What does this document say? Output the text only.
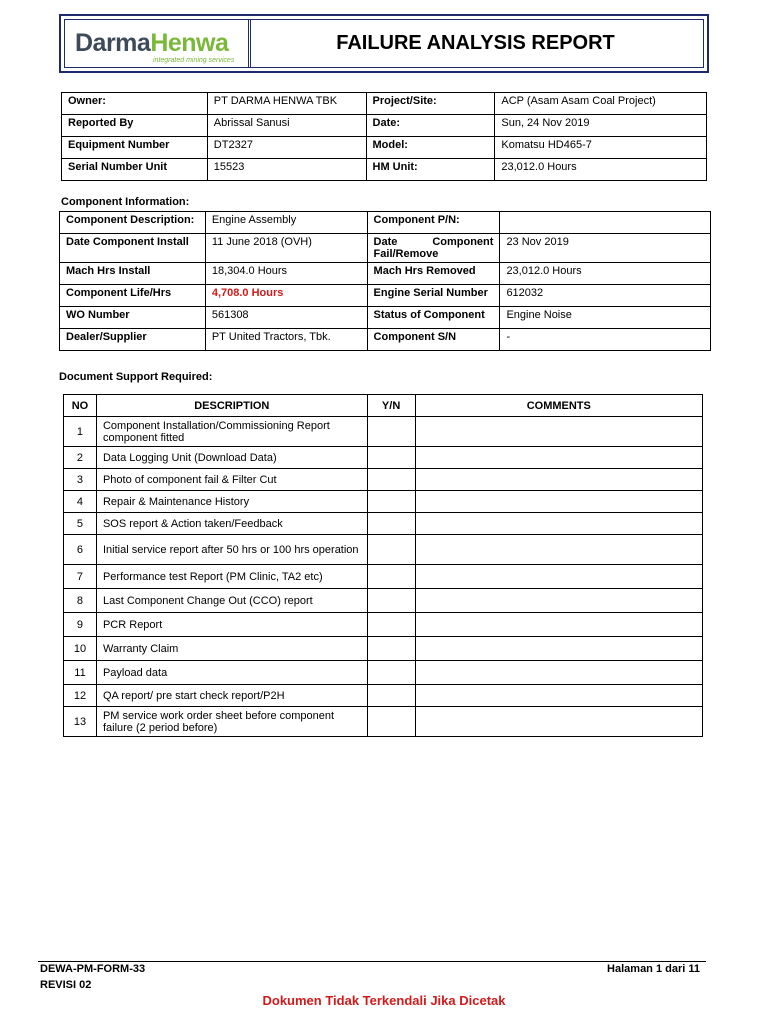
DarmaHenwa
integrated mining services
FAILURE ANALYSIS REPORT
Owner:	PT DARMA HENWA TBK	Project/Site:	ACP (Asam Asam Coal Project)
Reported By	Abrissal Sanusi	Date:	Sun, 24 Nov 2019
Equipment Number	DT2327	Model:	Komatsu HD465-7
Serial Number Unit	15523	HM Unit:	23,012.0 Hours
Component Information:
Component Description:	Engine Assembly	Component P/N:	
Date Component Install	11 June 2018 (OVH)	Date Component
Fail/Remove	23 Nov 2019
Mach Hrs Install	18,304.0 Hours	Mach Hrs Removed	23,012.0 Hours
Component Life/Hrs	4,708.0 Hours	Engine Serial Number	612032
WO Number	561308	Status of Component	Engine Noise
Dealer/Supplier	PT United Tractors, Tbk.	Component S/N	-
Document Support Required:
NO	DESCRIPTION	Y/N	COMMENTS
1	Component Installation/Commissioning Report component fitted		
2	Data Logging Unit (Download Data)		
3	Photo of component fail & Filter Cut		
4	Repair & Maintenance History		
5	SOS report & Action taken/Feedback		
6	Initial service report after 50 hrs or 100 hrs operation		
7	Performance test Report (PM Clinic, TA2 etc)		
8	Last Component Change Out (CCO) report		
9	PCR Report		
10	Warranty Claim		
11	Payload data		
12	QA report/ pre start check report/P2H		
13	PM service work order sheet before component failure (2 period before)		
DEWA-PM-FORM-33
REVISI 02
Halaman 1 dari 11
Dokumen Tidak Terkendali Jika Dicetak
